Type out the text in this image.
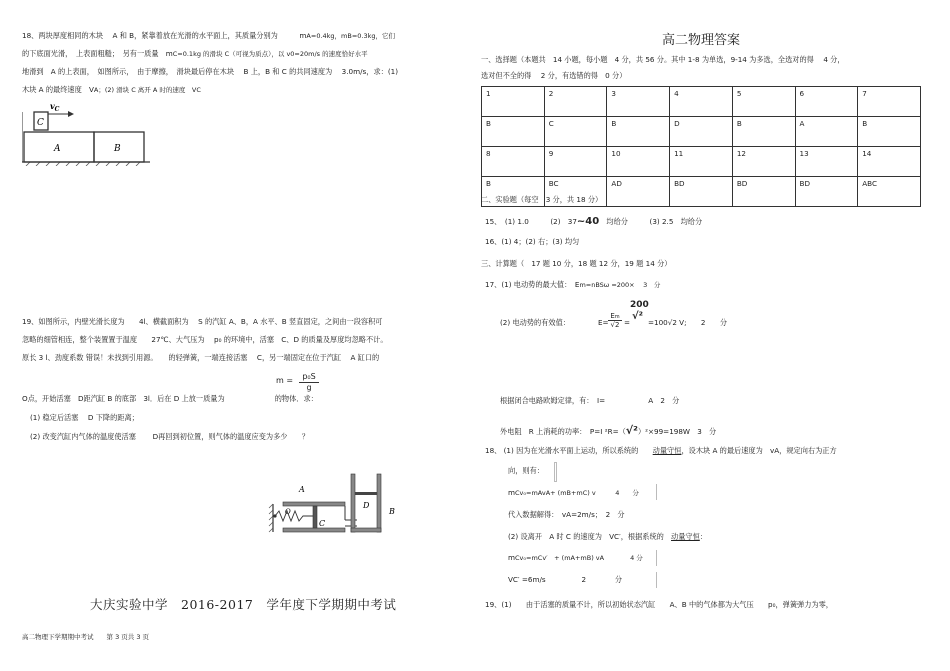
18、两块厚度相同的木块　 A 和 B，紧靠着放在光滑的水平面上，其质量分别为　　　mA=0.4kg，mB=0.3kg，它们
的下底面光滑，　上表面粗糙；　另有一质量　mC=0.1kg 的滑块 C（可视为质点），以 v0=20m/s 的速度恰好水平
地滑到　A 的上表面，　如图所示，　由于摩擦，　滑块最后停在木块　 B 上，B 和 C 的共同速度为　 3.0m/s，求：(1)
木块 A 的最终速度　VA；(2) 滑块 C 离开 A 时的速度　VC
$v_C$
C
A	B
19、如图所示，内壁光滑长度为　　4l、横截面积为　 S 的汽缸 A、B，A 水平、B 竖直固定，之间由一段容积可
忽略的细管相连，整个装置置于温度　　27℃、大气压为　 p₀ 的环境中，活塞　C、D 的质量及厚度均忽略不计。
原长 3 l、劲度系数 错误！未找到引用源。　　的轻弹簧，一端连接活塞　 C，另一端固定在位于汽缸　 A 缸口的
m =	p₀S
g
O点，开始活塞　D距汽缸 B 的底部　3l．后在 D 上放一质量为	的物体．求：
(1) 稳定后活塞　 D 下降的距离；
(2) 改变汽缸内气体的温度使活塞　　 D再回到初位置，则气体的温度应变为多少　　？
A
O
C
D
B
大庆实验中学　2016-2017　学年度下学期期中考试
高二物理下学期期中考试　　 第 3 页共 3 页
高二物理答案
一、选择题（本题共　14 小题，每小题　4 分，共 56 分。其中 1-8 为单选，9-14 为多选，全选对的得　 4 分，
选对但不全的得　 2 分，有选错的得　0 分）
1	2	3	4	5	6	7
B	C	B	D	B	A	B
8	9	10	11	12	13	14
B	BC	AD	BD	BD	BD	ABC
二、实验题（每空　3 分，共 18 分）
15、　(1) 1.0　　　(2)　37~40　均给分　　　(3) 2.5　均给分
16、(1) 4；(2) 右；(3) 均匀
三、计算题（　17 题 10 分，18 题 12 分，19 题 14 分）
17、(1) 电动势的最大值：　Em=nBSω =200× 　3　分
200
(2) 电动势的有效值：	E=
Em
√2 =
√²
=100√2 V;　　2　　分
根据闭合电路欧姆定律，有：　I=　　　　　　A　2　分
外电阻　R 上消耗的功率：　P=I ²R=（√²）²×99=198W　3　分
18、 (1) 因为在光滑水平面上运动，所以系统的　　 动量守恒，设木块 A 的最后速度为　vA，规定向右为正方
向，则有：
mCv₀=mAvA+ (mB+mC) v　　　4　　分
代入数据解得：　vA=2m/s；　2　分
(2) 设离开　A 时 C 的速度为　VC′，根据系统的　 动量守恒：
mCv₀=mCv′　+ (mA+mB) vA　　　　4 分
VC′ =6m/s　　　　　2　　　　分
19、(1)　　由于活塞的质量不计，所以初始状态汽缸　　A、B 中的气体都为大气压　　p₀，弹簧弹力为零，
